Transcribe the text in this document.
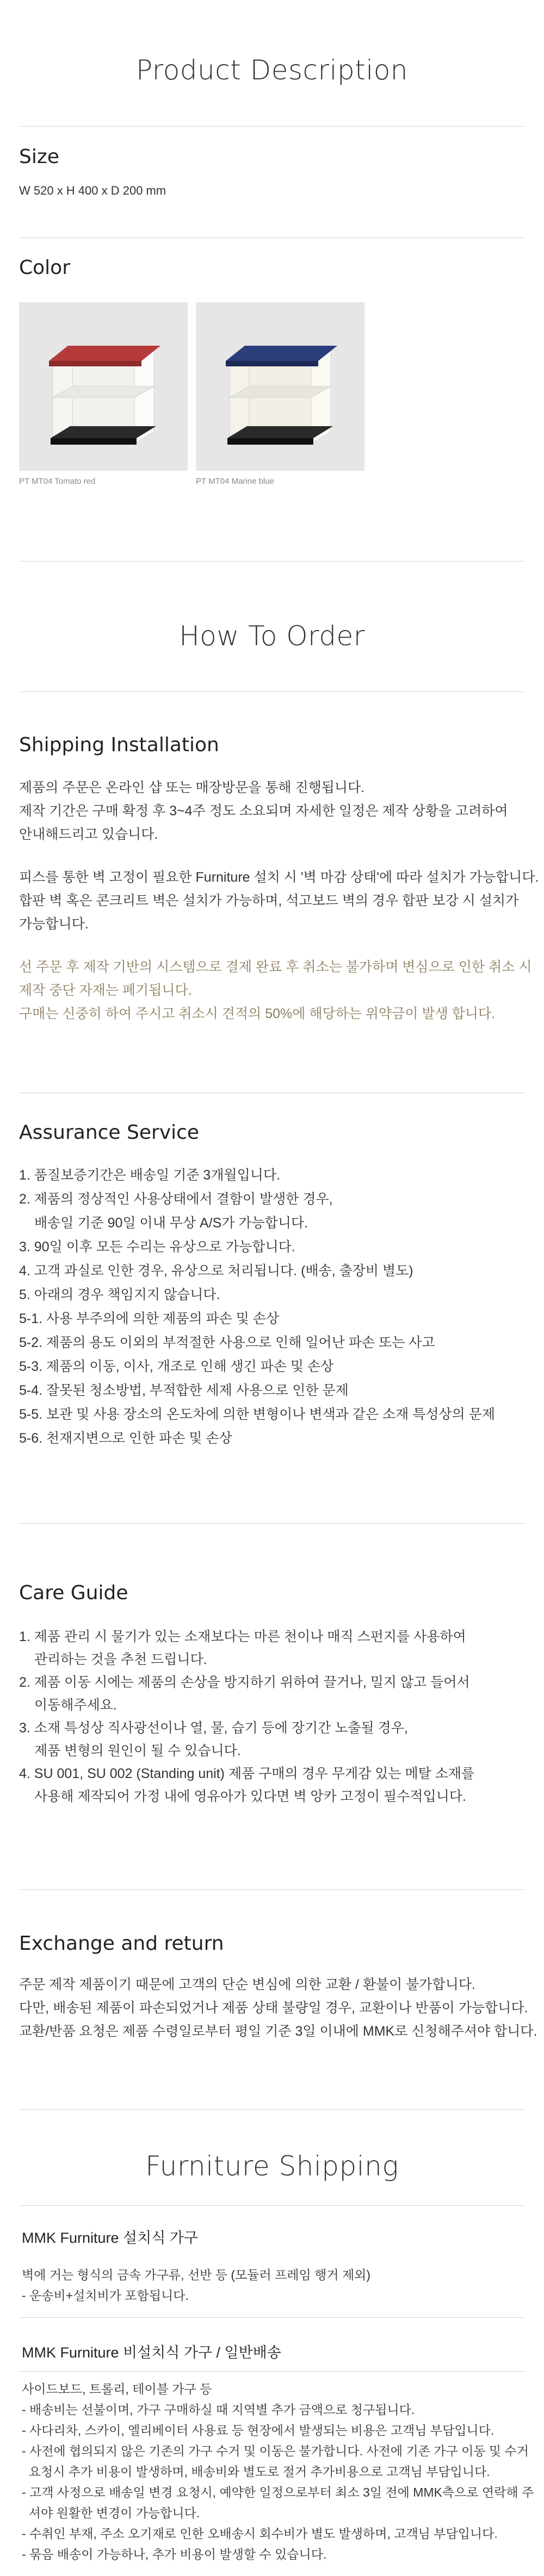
Product Description
Size
W 520 x H 400 x D 200 mm
Color
PT MT04 Tomato red	PT MT04 Marine blue
How To Order
Shipping Installation
제품의 주문은 온라인 샵 또는 매장방문을 통해 진행됩니다.
제작 기간은 구매 확정 후 3~4주 정도 소요되며 자세한 일정은 제작 상황을 고려하여
안내해드리고 있습니다.
피스를 통한 벽 고정이 필요한 Furniture 설치 시 '벽 마감 상태'에 따라 설치가 가능합니다.
합판 벽 혹은 콘크리트 벽은 설치가 가능하며, 석고보드 벽의 경우 합판 보강 시 설치가
가능합니다.
선 주문 후 제작 기반의 시스템으로 결제 완료 후 취소는 불가하며 변심으로 인한 취소 시
제작 중단 자재는 폐기됩니다.
구매는 신중히 하여 주시고 취소시 견적의 50%에 해당하는 위약금이 발생 합니다.
Assurance Service
1. 품질보증기간은 배송일 기준 3개월입니다.
2. 제품의 정상적인 사용상태에서 결함이 발생한 경우,
배송일 기준 90일 이내 무상 A/S가 가능합니다.
3. 90일 이후 모든 수리는 유상으로 가능합니다.
4. 고객 과실로 인한 경우, 유상으로 처리됩니다. (배송, 출장비 별도)
5. 아래의 경우 책임지지 않습니다.
5-1. 사용 부주의에 의한 제품의 파손 및 손상
5-2. 제품의 용도 이외의 부적절한 사용으로 인해 일어난 파손 또는 사고
5-3. 제품의 이동, 이사, 개조로 인해 생긴 파손 및 손상
5-4. 잘못된 청소방법, 부적합한 세제 사용으로 인한 문제
5-5. 보관 및 사용 장소의 온도차에 의한 변형이나 변색과 같은 소재 특성상의 문제
5-6. 천재지변으로 인한 파손 및 손상
Care Guide
1. 제품 관리 시 물기가 있는 소재보다는 마른 천이나 매직 스펀지를 사용하여
관리하는 것을 추천 드립니다.
2. 제품 이동 시에는 제품의 손상을 방지하기 위하여 끌거나, 밀지 않고 들어서
이동해주세요.
3. 소재 특성상 직사광선이나 열, 물, 습기 등에 장기간 노출될 경우,
제품 변형의 원인이 될 수 있습니다.
4. SU 001, SU 002 (Standing unit) 제품 구매의 경우 무게감 있는 메탈 소재를
사용해 제작되어 가정 내에 영유아가 있다면 벽 앙카 고정이 필수적입니다.
Exchange and return
주문 제작 제품이기 때문에 고객의 단순 변심에 의한 교환 / 환불이 불가합니다.
다만, 배송된 제품이 파손되었거나 제품 상태 불량일 경우, 교환이나 반품이 가능합니다.
교환/반품 요청은 제품 수령일로부터 평일 기준 3일 이내에 MMK로 신청해주셔야 합니다.
Furniture Shipping
MMK Furniture 설치식 가구
벽에 거는 형식의 금속 가구류, 선반 등 (모듈러 프레임 행거 제외)
- 운송비+설치비가 포함됩니다.
MMK Furniture 비설치식 가구 / 일반배송
사이드보드, 트롤리, 테이블 가구 등
- 배송비는 선불이며, 가구 구매하실 때 지역별 추가 금액으로 청구됩니다.
- 사다리차, 스카이, 엘리베이터 사용료 등 현장에서 발생되는 비용은 고객님 부담입니다.
- 사전에 협의되지 않은 기존의 가구 수거 및 이동은 불가합니다. 사전에 기존 가구 이동 및 수거
요청시 추가 비용이 발생하며, 배송비와 별도로 절거 추가비용으로 고객님 부담입니다.
- 고객 사정으로 배송일 변경 요청시, 예약한 일정으로부터 최소 3일 전에 MMK측으로 연락해 주
셔야 원활한 변경이 가능합니다.
- 수취인 부재, 주소 오기재로 인한 오배송시 회수비가 별도 발생하며, 고객님 부담입니다.
- 묶음 배송이 가능하나, 추가 비용이 발생할 수 있습니다.
